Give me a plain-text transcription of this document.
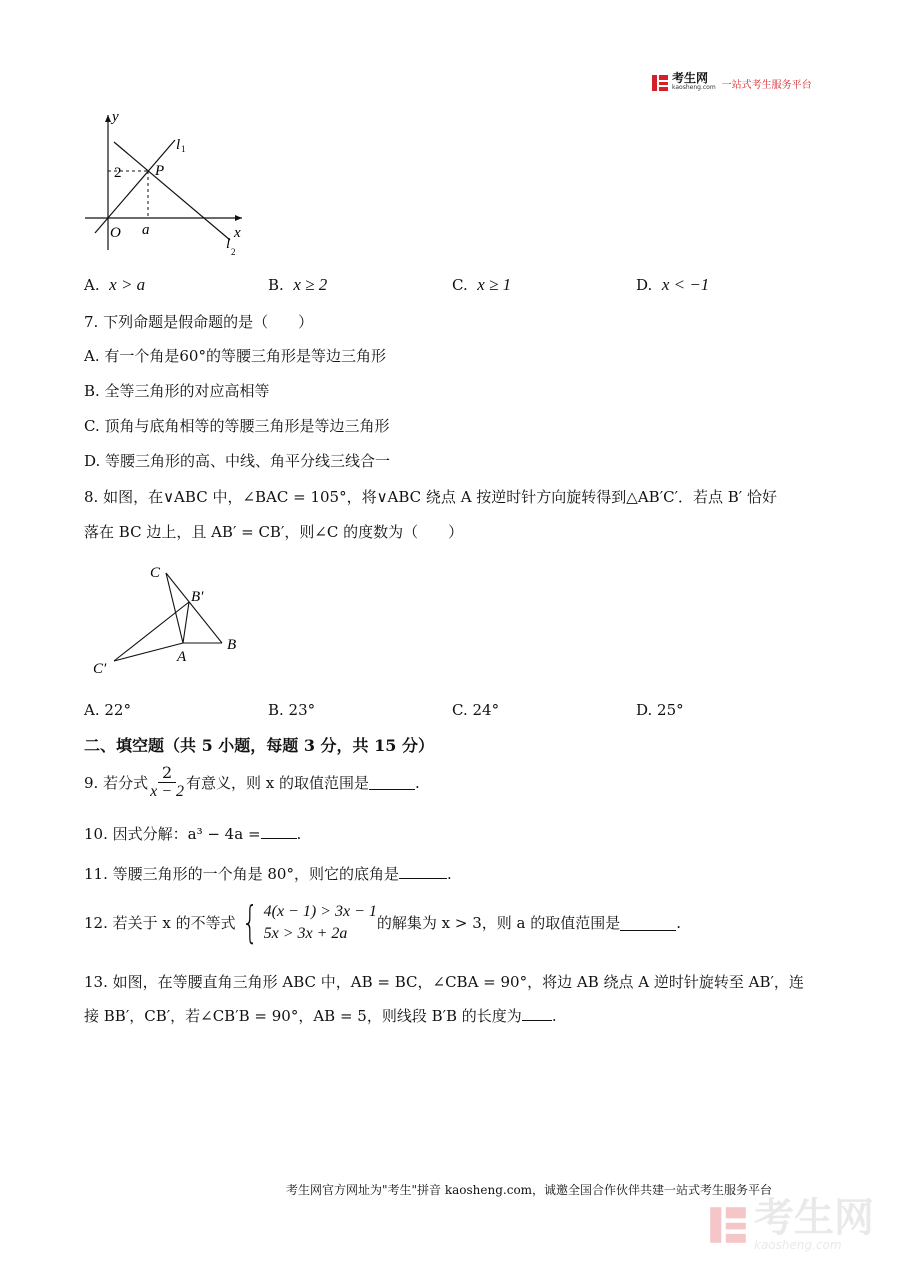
考生网
kaosheng.com 一站式考生服务平台
y
x
O
P
a
2
l 1
l 2
A. x > a	B. x ≥ 2	C. x ≥ 1	D. x < −1
7. 下列命题是假命题的是（　　）
A. 有一个角是60°的等腰三角形是等边三角形
B. 全等三角形的对应高相等
C. 顶角与底角相等的等腰三角形是等边三角形
D. 等腰三角形的高、中线、角平分线三线合一
8. 如图，在∨ABC 中，∠BAC = 105°，将∨ABC 绕点 A 按逆时针方向旋转得到△AB′C′．若点 B′ 恰好
落在 BC 边上，且 AB′ = CB′，则∠C 的度数为（　　）
C
B′
B
A
C′
A. 22°	B. 23°	C. 24°	D. 25°
二、填空题（共 5 小题，每题 3 分，共 15 分）
9. 若分式 $\frac{2}{x - 2}$ 有意义，则 x 的取值范围是	.
10. 因式分解：a³ − 4a = .
11. 等腰三角形的一个角是 80°，则它的底角是	.
12. 若关于 x 的不等式 { 4(x − 1) > 3x − 1
5x > 3x + 2a
的解集为 x > 3，则 a 的取值范围是	.
13. 如图，在等腰直角三角形 ABC 中，AB = BC，∠CBA = 90°，将边 AB 绕点 A 逆时针旋转至 AB′，连
接 BB′，CB′，若∠CB′B = 90°，AB = 5，则线段 B′B 的长度为 .
考生网官方网址为"考生"拼音 kaosheng.com，诚邀全国合作伙伴共建一站式考生服务平台
考生网
kaosheng.com
